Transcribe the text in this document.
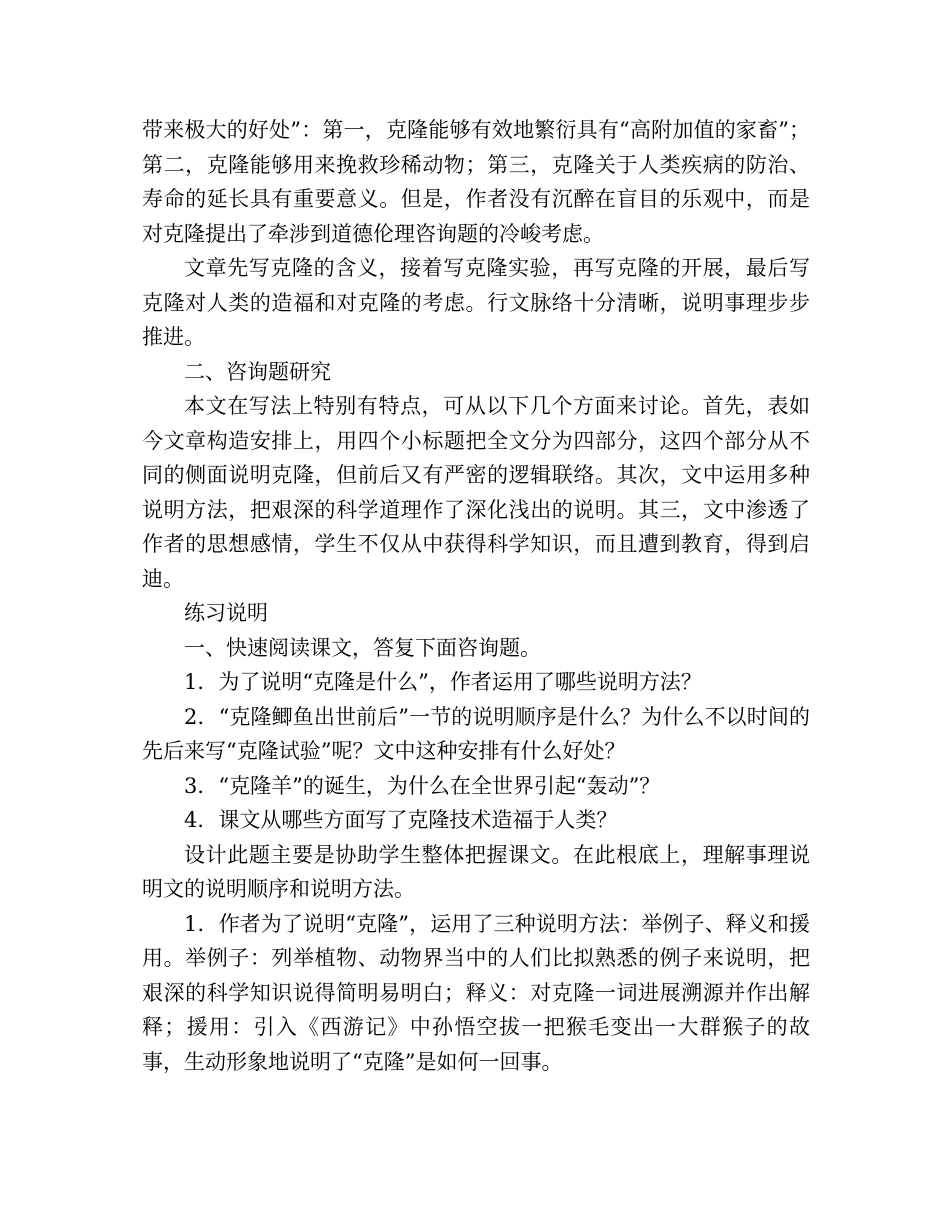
带来极大的好处”：第一，克隆能够有效地繁衍具有“高附加值的家畜”；第二，克隆能够用来挽救珍稀动物；第三，克隆关于人类疾病的防治、寿命的延长具有重要意义。但是，作者没有沉醉在盲目的乐观中，而是对克隆提出了牵涉到道德伦理咨询题的冷峻考虑。

文章先写克隆的含义，接着写克隆实验，再写克隆的开展，最后写克隆对人类的造福和对克隆的考虑。行文脉络十分清晰，说明事理步步推进。

二、咨询题研究

本文在写法上特别有特点，可从以下几个方面来讨论。首先，表如今文章构造安排上，用四个小标题把全文分为四部分，这四个部分从不同的侧面说明克隆，但前后又有严密的逻辑联络。其次，文中运用多种说明方法，把艰深的科学道理作了深化浅出的说明。其三，文中渗透了作者的思想感情，学生不仅从中获得科学知识，而且遭到教育，得到启迪。

练习说明

一、快速阅读课文，答复下面咨询题。

1．为了说明“克隆是什么”，作者运用了哪些说明方法？

2．“克隆鲫鱼出世前后”一节的说明顺序是什么？为什么不以时间的先后来写“克隆试验”呢？文中这种安排有什么好处？

3．“克隆羊”的诞生，为什么在全世界引起“轰动”？

4．课文从哪些方面写了克隆技术造福于人类？

设计此题主要是协助学生整体把握课文。在此根底上，理解事理说明文的说明顺序和说明方法。

1．作者为了说明“克隆”，运用了三种说明方法：举例子、释义和援用。举例子：列举植物、动物界当中的人们比拟熟悉的例子来说明，把艰深的科学知识说得简明易明白；释义：对克隆一词进展溯源并作出解释；援用：引入《西游记》中孙悟空拔一把猴毛变出一大群猴子的故事，生动形象地说明了“克隆”是如何一回事。
